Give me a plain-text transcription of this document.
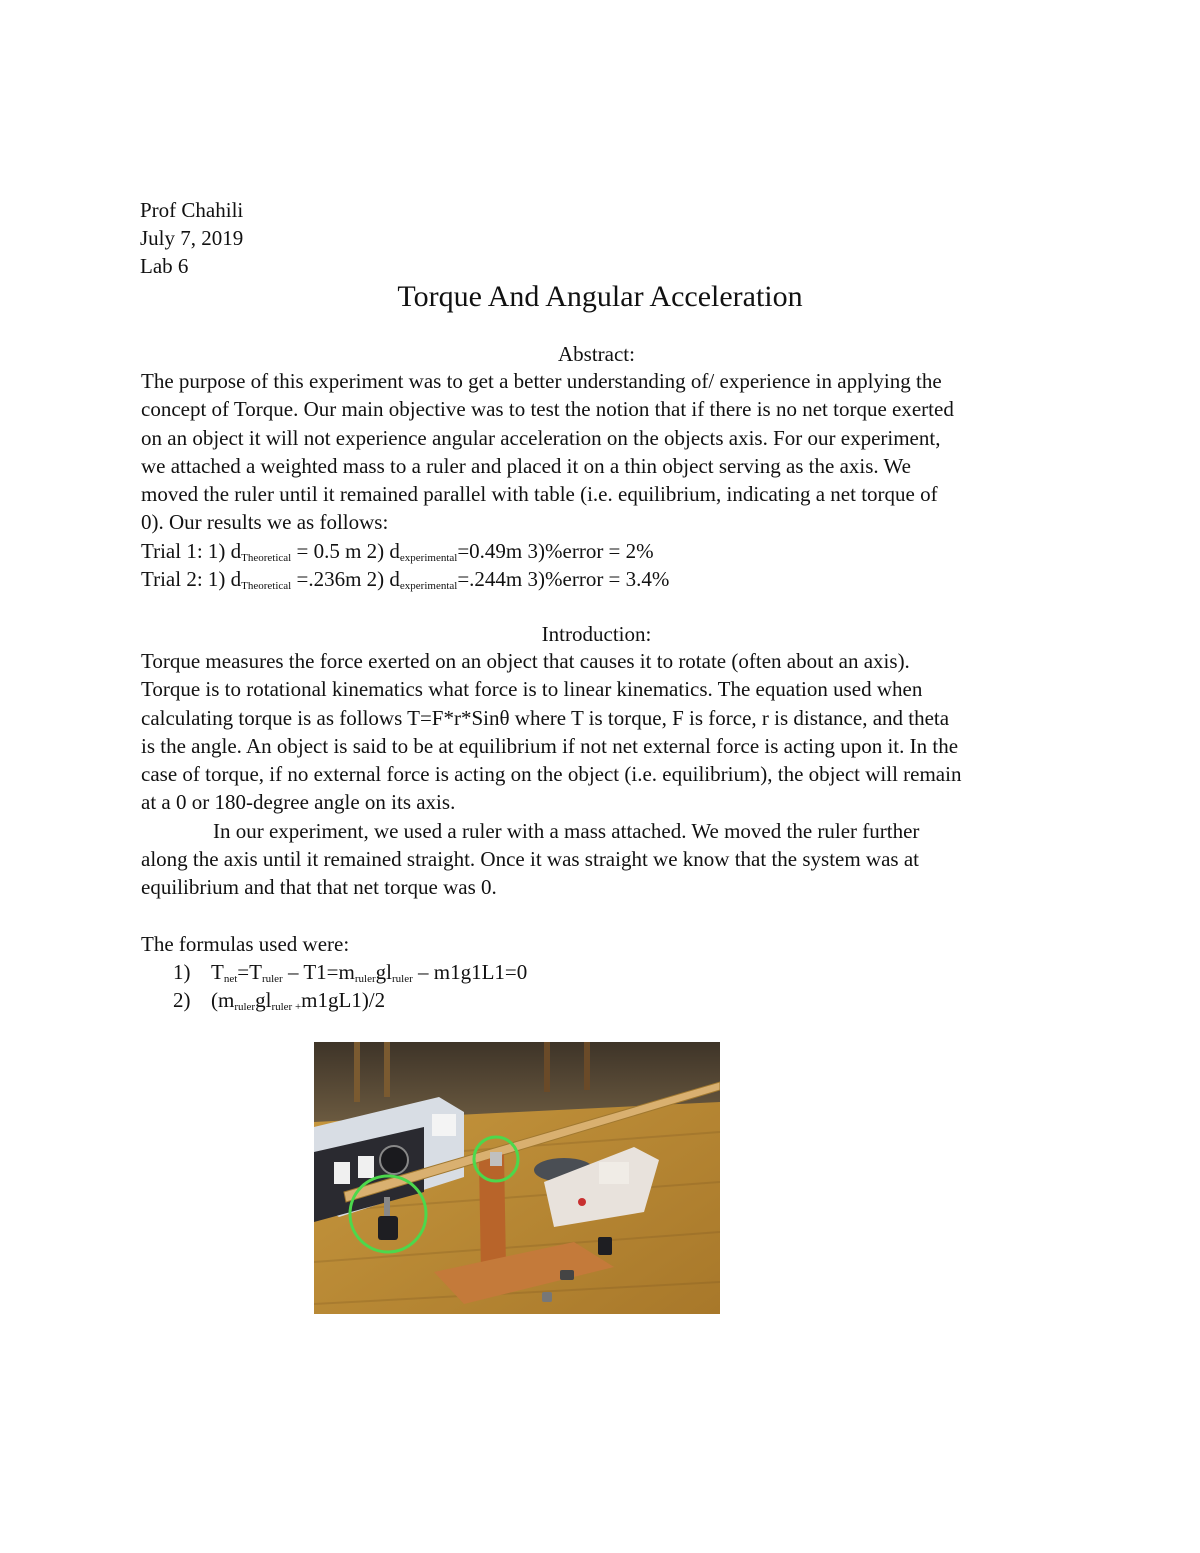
Prof Chahili
July 7, 2019
Lab 6
Torque And Angular Acceleration
Abstract:
The purpose of this experiment was to get a better understanding of/ experience in applying the
concept of Torque. Our main objective was to test the notion that if there is no net torque exerted
on an object it will not experience angular acceleration on the objects axis. For our experiment,
we attached a weighted mass to a ruler and placed it on a thin object serving as the axis. We
moved the ruler until it remained parallel with table (i.e. equilibrium, indicating a net torque of
0). Our results we as follows:
Trial 1: 1) $d_{Theoretical} = 0.5$ m 2) $d_{experimental}=0.49m$ 3)%error = 2%
Trial 2: 1) $d_{Theoretical} =.236m$ 2) $d_{experimental}=.244m$ 3)%error = 3.4%
Introduction:
Torque measures the force exerted on an object that causes it to rotate (often about an axis).
Torque is to rotational kinematics what force is to linear kinematics. The equation used when
calculating torque is as follows T=F*r*Sinθ where T is torque, F is force, r is distance, and theta
is the angle. An object is said to be at equilibrium if not net external force is acting upon it. In the
case of torque, if no external force is acting on the object (i.e. equilibrium), the object will remain
at a 0 or 180-degree angle on its axis.
In our experiment, we used a ruler with a mass attached. We moved the ruler further
along the axis until it remained straight. Once it was straight we know that the system was at
equilibrium and that that net torque was 0.
The formulas used were:
1) $T_{net}=T_{ruler} - T1=m_{ruler}gl_{ruler} - m1g1L1=0$
2) $(m_{ruler}gl_{ruler +}m1gL1)/2$
